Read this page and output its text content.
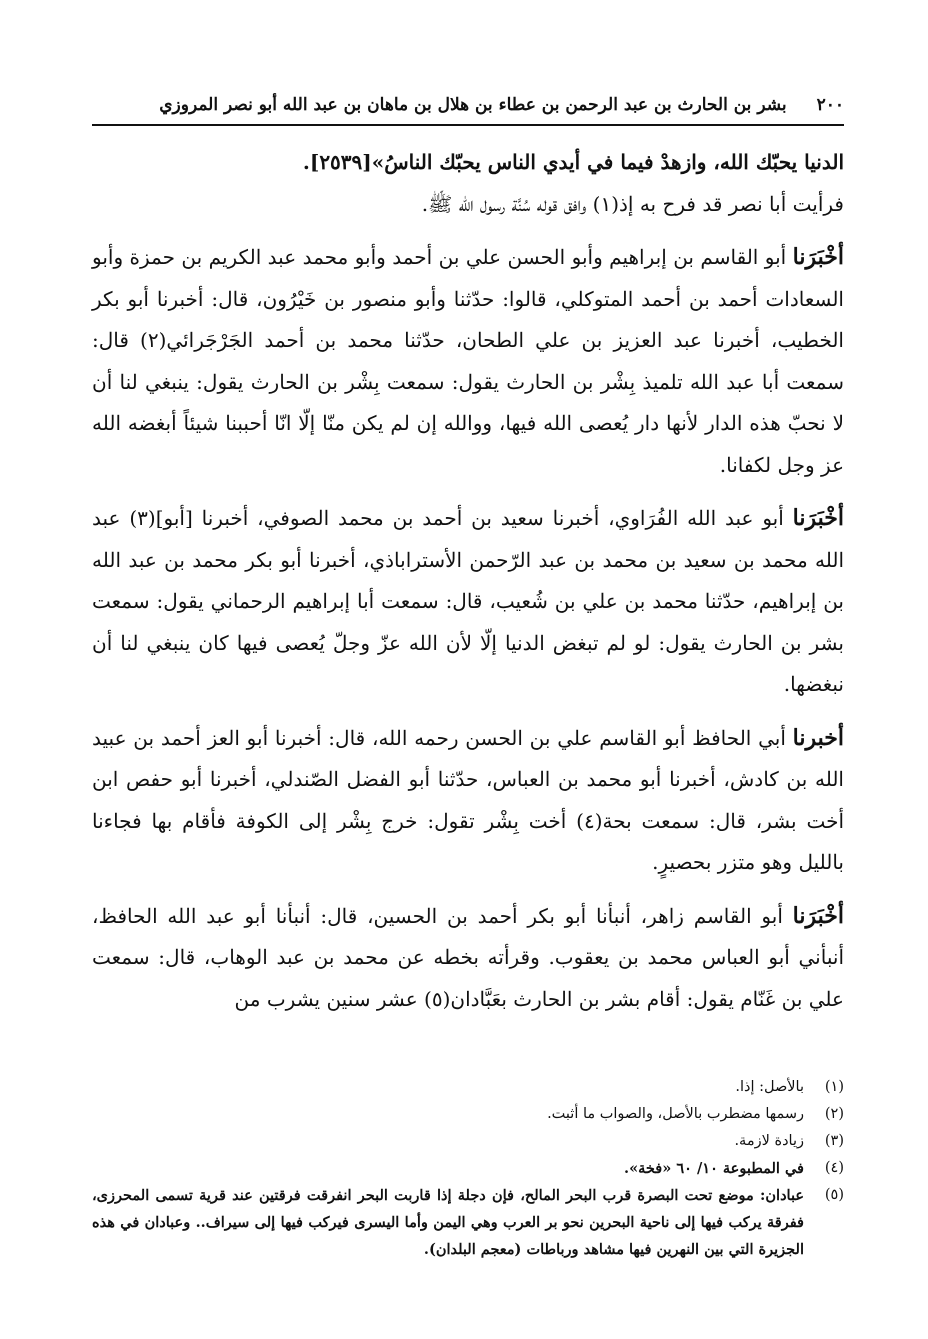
٢٠٠
بشر بن الحارث بن عبد الرحمن بن عطاء بن هلال بن ماهان بن عبد الله أبو نصر المروزي

الدنيا يحبّك الله، وازهدْ فيما في أيدي الناس يحبّك الناسُ»[٢٥٣٩].

فرأيت أبا نصر قد فرح به إذ(١) وافق قوله سُنَّة رسول الله ﷺ.

أخْبَرَنا أبو القاسم بن إبراهيم وأبو الحسن علي بن أحمد وأبو محمد عبد الكريم بن حمزة وأبو السعادات أحمد بن أحمد المتوكلي، قالوا: حدّثنا وأبو منصور بن خَيْرُون، قال: أخبرنا أبو بكر الخطيب، أخبرنا عبد العزيز بن علي الطحان، حدّثنا محمد بن أحمد الجَرْجَرائي(٢) قال: سمعت أبا عبد الله تلميذ بِشْر بن الحارث يقول: سمعت بِشْر بن الحارث يقول: ينبغي لنا أن لا نحبّ هذه الدار لأنها دار يُعصى الله فيها، ووالله إن لم يكن منّا إلّا انّا أحببنا شيئاً أبغضه الله عز وجل لكفانا.

أخْبَرَنا أبو عبد الله الفُرَاوي، أخبرنا سعيد بن أحمد بن محمد الصوفي، أخبرنا [أبو](٣) عبد الله محمد بن سعيد بن محمد بن عبد الرّحمن الأستراباذي، أخبرنا أبو بكر محمد بن عبد الله بن إبراهيم، حدّثنا محمد بن علي بن شُعيب، قال: سمعت أبا إبراهيم الرحماني يقول: سمعت بشر بن الحارث يقول: لو لم تبغض الدنيا إلّا لأن الله عزّ وجلّ يُعصى فيها كان ينبغي لنا أن نبغضها.

أخبرنا أبي الحافظ أبو القاسم علي بن الحسن رحمه الله، قال: أخبرنا أبو العز أحمد بن عبيد الله بن كادش، أخبرنا أبو محمد بن العباس، حدّثنا أبو الفضل الصّندلي، أخبرنا أبو حفص ابن أخت بشر، قال: سمعت بحة(٤) أخت بِشْر تقول: خرج بِشْر إلى الكوفة فأقام بها فجاءنا بالليل وهو متزر بحصيرٍ.

أخْبَرَنا أبو القاسم زاهر، أنبأنا أبو بكر أحمد بن الحسين، قال: أنبأنا أبو عبد الله الحافظ، أنبأني أبو العباس محمد بن يعقوب. وقرأته بخطه عن محمد بن عبد الوهاب، قال: سمعت علي بن غَنّام يقول: أقام بشر بن الحارث بعَبَّادان(٥) عشر سنين يشرب من

(١)
بالأصل: إذا.
(٢)
رسمها مضطرب بالأصل، والصواب ما أثبت.
(٣)
زيادة لازمة.
(٤)
في المطبوعة ١٠/ ٦٠ «فخة».
(٥)
عبادان: موضع تحت البصرة قرب البحر المالح، فإن دجلة إذا قاربت البحر انفرقت فرقتين عند قرية تسمى المحرزى، ففرقة يركب فيها إلى ناحية البحرين نحو بر العرب وهي اليمن وأما اليسرى فيركب فيها إلى سيراف.. وعبادان في هذه الجزيرة التي بين النهرين فيها مشاهد ورباطات (معجم البلدان).
